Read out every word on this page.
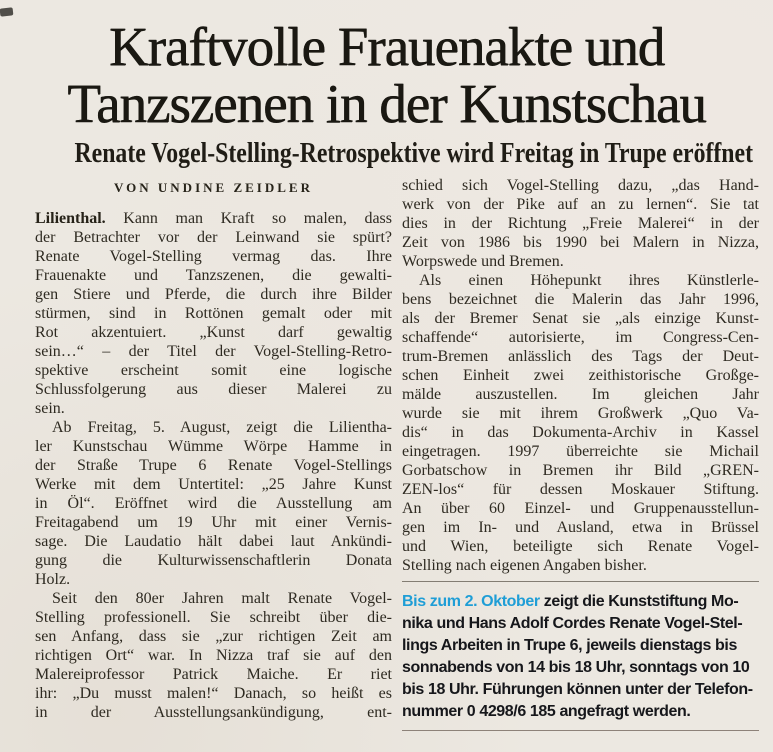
Kraftvolle Frauenakte und
Tanzszenen in der Kunstschau
Renate Vogel-Stelling-Retrospektive wird Freitag in Trupe eröffnet
VON UNDINE ZEIDLER
Lilienthal. Kann man Kraft so malen, dass
der Betrachter vor der Leinwand sie spürt?
Renate Vogel-Stelling vermag das. Ihre
Frauenakte und Tanzszenen, die gewalti-
gen Stiere und Pferde, die durch ihre Bilder
stürmen, sind in Rottönen gemalt oder mit
Rot akzentuiert. „Kunst darf gewaltig
sein…“ – der Titel der Vogel-Stelling-Retro-
spektive erscheint somit eine logische
Schlussfolgerung aus dieser Malerei zu
sein.
Ab Freitag, 5. August, zeigt die Lilientha-
ler Kunstschau Wümme Wörpe Hamme in
der Straße Trupe 6 Renate Vogel-Stellings
Werke mit dem Untertitel: „25 Jahre Kunst
in Öl“. Eröffnet wird die Ausstellung am
Freitagabend um 19 Uhr mit einer Vernis-
sage. Die Laudatio hält dabei laut Ankündi-
gung die Kulturwissenschaftlerin Donata
Holz.
Seit den 80er Jahren malt Renate Vogel-
Stelling professionell. Sie schreibt über die-
sen Anfang, dass sie „zur richtigen Zeit am
richtigen Ort“ war. In Nizza traf sie auf den
Malereiprofessor Patrick Maiche. Er riet
ihr: „Du musst malen!“ Danach, so heißt es
in der Ausstellungsankündigung, ent-
schied sich Vogel-Stelling dazu, „das Hand-
werk von der Pike auf an zu lernen“. Sie tat
dies in der Richtung „Freie Malerei“ in der
Zeit von 1986 bis 1990 bei Malern in Nizza,
Worpswede und Bremen.
Als einen Höhepunkt ihres Künstlerle-
bens bezeichnet die Malerin das Jahr 1996,
als der Bremer Senat sie „als einzige Kunst-
schaffende“ autorisierte, im Congress-Cen-
trum-Bremen anlässlich des Tags der Deut-
schen Einheit zwei zeithistorische Großge-
mälde auszustellen. Im gleichen Jahr
wurde sie mit ihrem Großwerk „Quo Va-
dis“ in das Dokumenta-Archiv in Kassel
eingetragen. 1997 überreichte sie Michail
Gorbatschow in Bremen ihr Bild „GREN-
ZEN-los“ für dessen Moskauer Stiftung.
An über 60 Einzel- und Gruppenausstellun-
gen im In- und Ausland, etwa in Brüssel
und Wien, beteiligte sich Renate Vogel-
Stelling nach eigenen Angaben bisher.
Bis zum 2. Oktober zeigt die Kunststiftung Mo-
nika und Hans Adolf Cordes Renate Vogel-Stel-
lings Arbeiten in Trupe 6, jeweils dienstags bis
sonnabends von 14 bis 18 Uhr, sonntags von 10
bis 18 Uhr. Führungen können unter der Telefon-
nummer 0 4298/6 185 angefragt werden.
